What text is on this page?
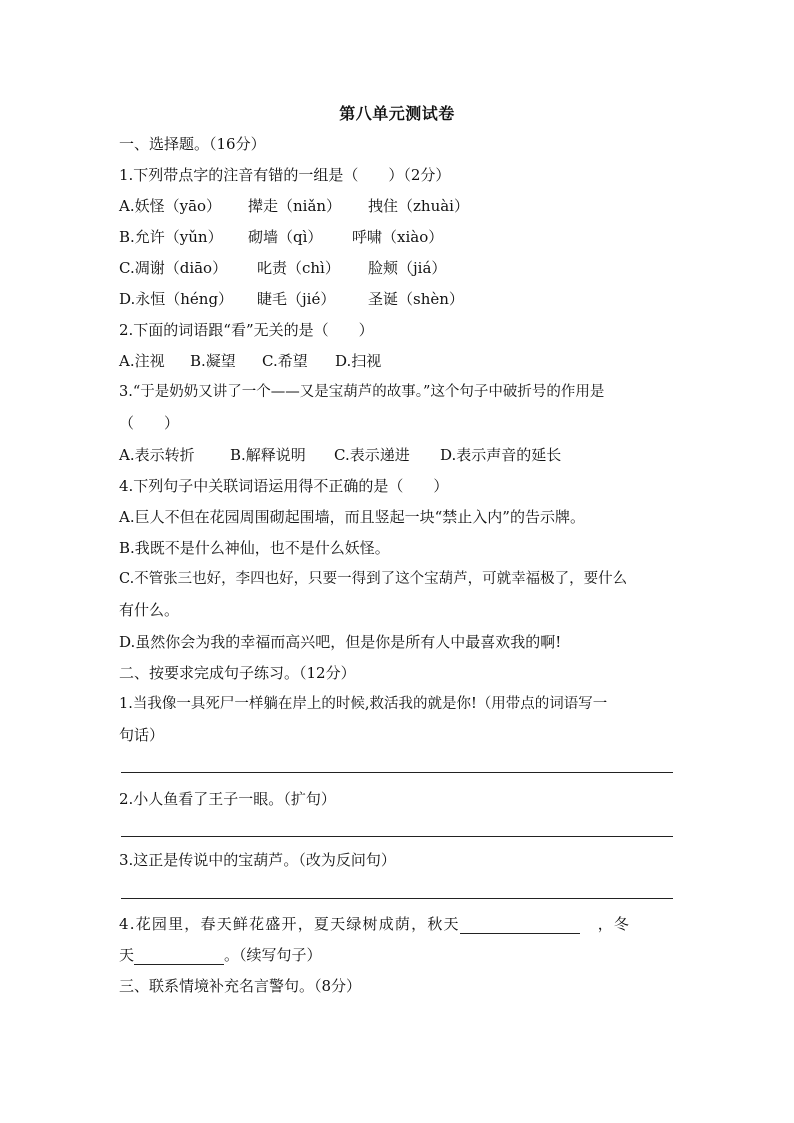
第八单元测试卷
一、选择题。（16分）
1.下列带点字的注音有错的一组是（　　）（2分）
A.妖怪（yāo） 撵走（niǎn） 拽住（zhuài）
B.允许（yǔn） 砌墙（qì） 呼啸（xiào）
C.凋谢（diāo） 叱责（chì） 脸颊（jiá）
D.永恒（héng） 睫毛（jié） 圣诞（shèn）
2.下面的词语跟“看”无关的是（　　）
A.注视 B.凝望 C.希望 D.扫视
3.“于是奶奶又讲了一个——又是宝葫芦的故事。”这个句子中破折号的作用是
（　　）
A.表示转折 B.解释说明 C.表示递进 D.表示声音的延长
4.下列句子中关联词语运用得不正确的是（　　）
A.巨人不但在花园周围砌起围墙，而且竖起一块“禁止入内”的告示牌。
B.我既不是什么神仙，也不是什么妖怪。
C.不管张三也好，李四也好，只要一得到了这个宝葫芦，可就幸福极了，要什么
有什么。
D.虽然你会为我的幸福而高兴吧，但是你是所有人中最喜欢我的啊!
二、按要求完成句子练习。（12分）
1.当我像一具死尸一样躺在岸上的时候,救活我的就是你!（用带点的词语写一
句话）
2.小人鱼看了王子一眼。（扩句）
3.这正是传说中的宝葫芦。（改为反问句）
4.花园里，春天鲜花盛开，夏天绿树成荫，秋天	，冬
天	。（续写句子）
三、联系情境补充名言警句。（8分）
